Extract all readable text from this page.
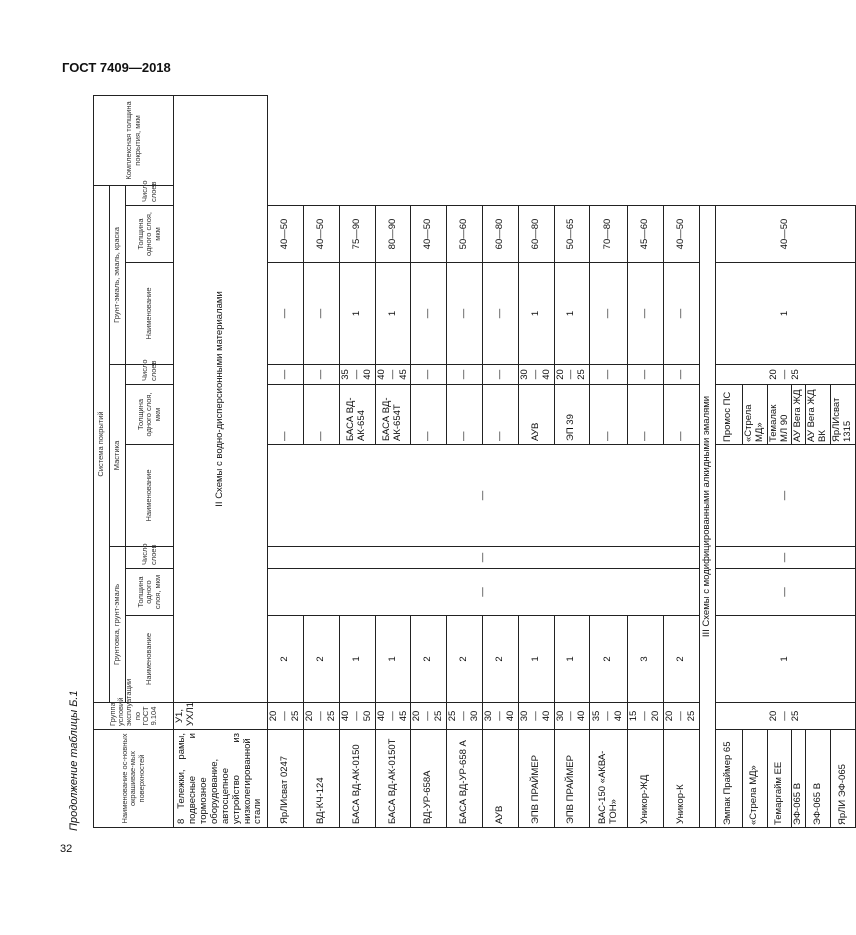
ГОСТ 7409—2018
Продолжение таблицы Б.1
32
Наименование ос-новных окрашивае-мых поверхностей	Группа условий эксплуатации по ГОСТ 9.104	Система покрытий									Комплексная толщина покрытия, мкм
		Грунтовка, грунт-эмаль			Мастика			Грунт-эмаль, эмаль, краска			
		Наименование	Толщина одного слоя, мкм	Число слоев	Наименование	Толщина одного слоя, мкм	Число слоев	Наименование	Толщина одного слоя, мкм	Число слоев	
8 Тележки, рамы, подвесные и тормозное оборудование, автосцепное устройство из низколегированной стали	У1, УХЛ1	II Схемы с водно-дисперсионными материалами									
ЯрЛИсват 0247	20—25	2	—	—	—	—	—	—	40—50		
ВД-КЧ-124	20—25	2				—	—	—	40—50		
БАСА ВД-АК-0150	40—50	1				БАСА ВД-АК-654	35—40	1	75—90		
БАСА ВД-АК-0150Т	40—45	1				БАСА ВД-АК-654Т	40—45	1	80—90		
ВД-УР-658А	20—25	2				—	—	—	40—50		
БАСА ВД-УР-658 А	25—30	2				—	—	—	50—60		
АУВ	30—40	2				—	—	—	60—80		
ЭПВ ПРАЙМЕР	30—40	1				АУВ	30—40	1	60—80		
ЭПВ ПРАЙМЕР	30—40	1				ЭП 39	20—25	1	50—65		
ВАС-150 «АКВА-ТОН»	35—40	2				—	—	—	70—80		
Уникор-ЖД	15—20	3				—	—	—	45—60		
Уникор-К	20—25	2				—	—	—	40—50		
III Схемы с модифицированными алкидными эмалями											
Эмпак Праймер 65	20—25	1	—	—	—	Промос ПС	20—25	1	40—50		
«Стрела МД»						«Стрела МД»					
Темаprайм ЕЕ						Темалак МЛ 90					
ЭФ-065 В						АУ Вега ЖД					
ЭФ-065 В						АУ Вега ЖД ВК					
ЯрЛИ ЭФ-065						ЯрЛИсват 1315					
